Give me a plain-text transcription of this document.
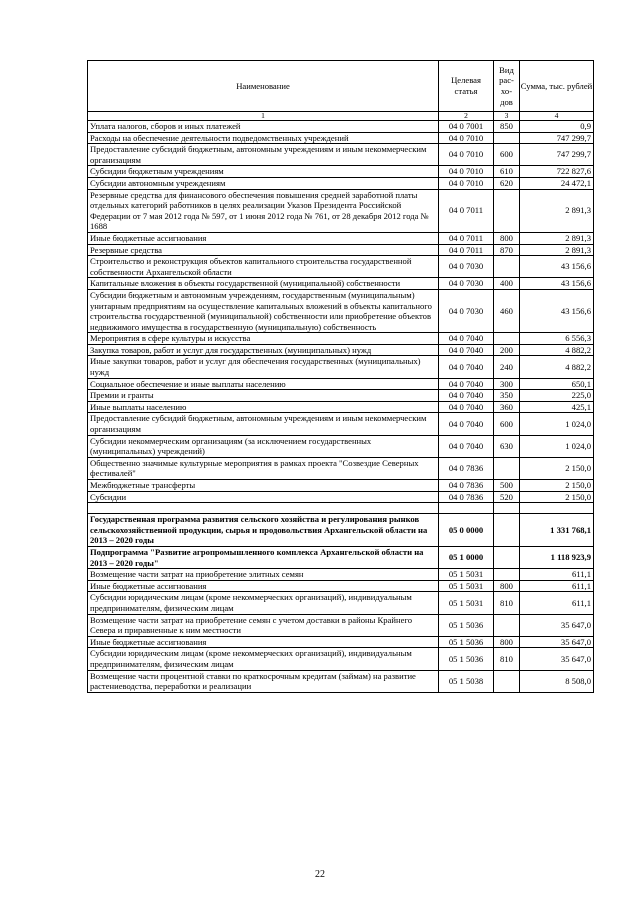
Наименование	Целевая статья	Вид рас- хо- дов	Сумма, тыс. рублей
1	2	3	4
Уплата налогов, сборов и иных платежей	04 0 7001	850	0,9
Расходы на обеспечение деятельности подведомственных учреждений	04 0 7010		747 299,7
Предоставление субсидий бюджетным, автономным учреждениям и иным некоммерческим организациям	04 0 7010	600	747 299,7
Субсидии бюджетным учреждениям	04 0 7010	610	722 827,6
Субсидии автономным учреждениям	04 0 7010	620	24 472,1
Резервные средства для финансового обеспечения повышения средней заработной платы отдельных категорий работников в целях реализации Указов Президента Российской Федерации от 7 мая 2012 года № 597, от 1 июня 2012 года № 761, от 28 декабря 2012 года № 1688	04 0 7011		2 891,3
Иные бюджетные ассигнования	04 0 7011	800	2 891,3
Резервные средства	04 0 7011	870	2 891,3
Строительство и реконструкция объектов капитального строительства государственной собственности Архангельской области	04 0 7030		43 156,6
Капитальные вложения в объекты государственной (муниципальной) собственности	04 0 7030	400	43 156,6
Субсидии бюджетным и автономным учреждениям, государственным (муниципальным) унитарным предприятиям на осуществление капитальных вложений в объекты капитального строительства государственной (муниципальной) собственности или приобретение объектов недвижимого имущества в государственную (муниципальную) собственность	04 0 7030	460	43 156,6
Мероприятия в сфере культуры и искусства	04 0 7040		6 556,3
Закупка товаров, работ и услуг для государственных (муниципальных) нужд	04 0 7040	200	4 882,2
Иные закупки товаров, работ и услуг для обеспечения государственных (муниципальных) нужд	04 0 7040	240	4 882,2
Социальное обеспечение и иные выплаты населению	04 0 7040	300	650,1
Премии и гранты	04 0 7040	350	225,0
Иные выплаты населению	04 0 7040	360	425,1
Предоставление субсидий бюджетным, автономным учреждениям и иным некоммерческим организациям	04 0 7040	600	1 024,0
Субсидии некоммерческим организациям (за исключением государственных (муниципальных) учреждений)	04 0 7040	630	1 024,0
Общественно значимые культурные мероприятия в рамках проекта "Созвездие Северных фестивалей"	04 0 7836		2 150,0
Межбюджетные трансферты	04 0 7836	500	2 150,0
Субсидии	04 0 7836	520	2 150,0

Государственная программа развития сельского хозяйства и регулирования рынков сельскохозяйственной продукции, сырья и продовольствия Архангельской области на 2013 – 2020 годы	05 0 0000		1 331 768,1
Подпрограмма "Развитие агропромышленного комплекса Архангельской области на 2013 – 2020 годы"	05 1 0000		1 118 923,9
Возмещение части затрат на приобретение элитных семян	05 1 5031		611,1
Иные бюджетные ассигнования	05 1 5031	800	611,1
Субсидии юридическим лицам (кроме некоммерческих организаций), индивидуальным предпринимателям, физическим лицам	05 1 5031	810	611,1
Возмещение части затрат на приобретение семян с учетом доставки в районы Крайнего Севера и приравненные к ним местности	05 1 5036		35 647,0
Иные бюджетные ассигнования	05 1 5036	800	35 647,0
Субсидии юридическим лицам (кроме некоммерческих организаций), индивидуальным предпринимателям, физическим лицам	05 1 5036	810	35 647,0
Возмещение части процентной ставки по краткосрочным кредитам (займам) на развитие растениеводства, переработки и реализации	05 1 5038		8 508,0
22
